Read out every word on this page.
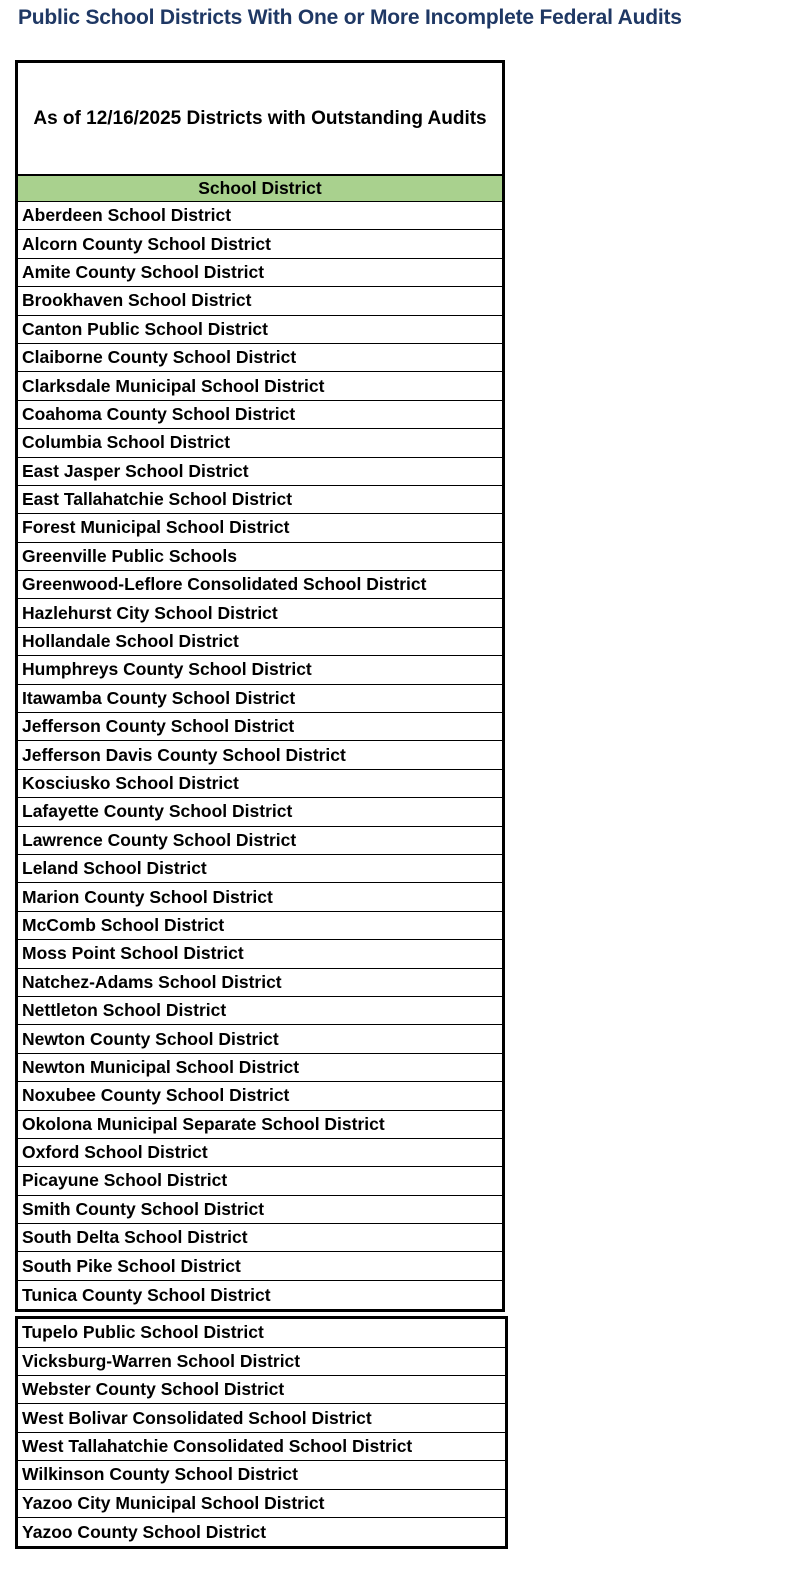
Public School Districts With One or More Incomplete Federal Audits
As of 12/16/2025 Districts with Outstanding Audits
School District
Aberdeen School District
Alcorn County School District
Amite County School District
Brookhaven School District
Canton Public School District
Claiborne County School District
Clarksdale Municipal School District
Coahoma County School District
Columbia School District
East Jasper School District
East Tallahatchie School District
Forest Municipal School District
Greenville Public Schools
Greenwood-Leflore Consolidated School District
Hazlehurst City School District
Hollandale School District
Humphreys County School District
Itawamba County School District
Jefferson County School District
Jefferson Davis County School District
Kosciusko School District
Lafayette County School District
Lawrence County School District
Leland School District
Marion County School District
McComb School District
Moss Point School District
Natchez-Adams School District
Nettleton School District
Newton County School District
Newton Municipal School District
Noxubee County School District
Okolona Municipal Separate School District
Oxford School District
Picayune School District
Smith County School District
South Delta School District
South Pike School District
Tunica County School District
Tupelo Public School District
Vicksburg-Warren School District
Webster County School District
West Bolivar Consolidated School District
West Tallahatchie Consolidated School District
Wilkinson County School District
Yazoo City Municipal School District
Yazoo County School District
